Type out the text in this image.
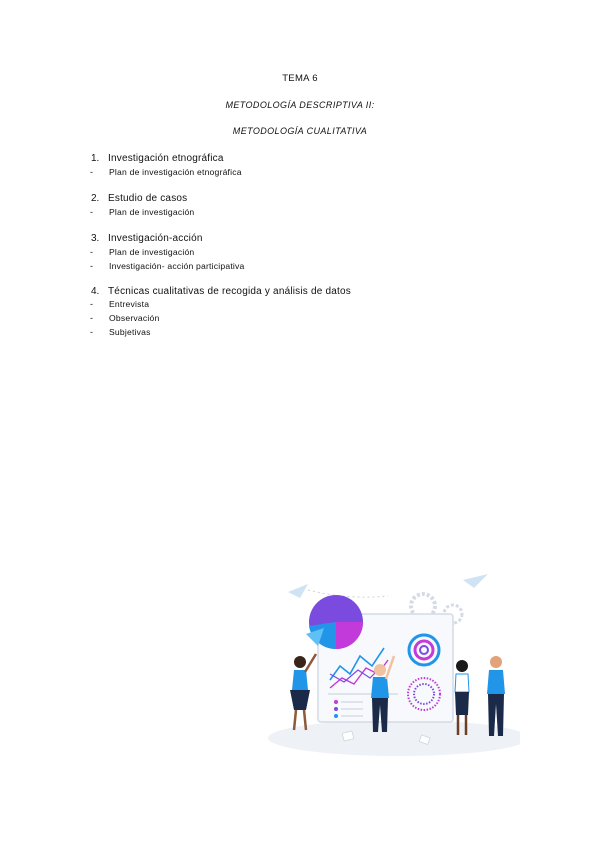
TEMA 6
METODOLOGÍA DESCRIPTIVA II:
METODOLOGÍA CUALITATIVA
1. Investigación etnográfica
- Plan de investigación etnográfica
2. Estudio de casos
- Plan de investigación
3. Investigación-acción
- Plan de investigación
- Investigación- acción participativa
4. Técnicas cualitativas de recogida y análisis de datos
- Entrevista
- Observación
- Subjetivas
